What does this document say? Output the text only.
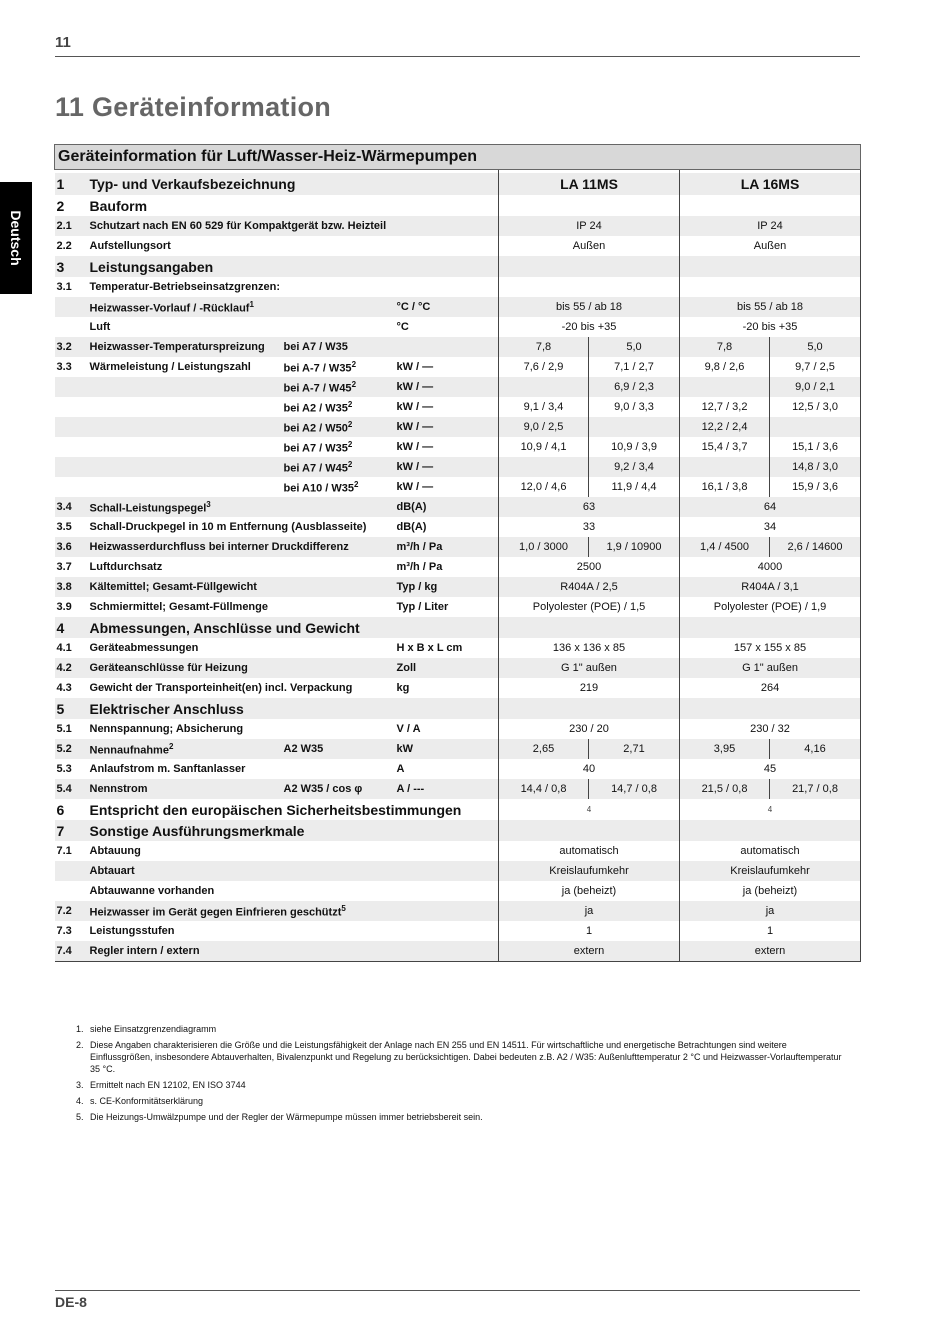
11
11 Geräteinformation
Deutsch
Geräteinformation für Luft/Wasser-Heiz-Wärmepumpen							

1	Typ- und Verkaufsbezeichnung			LA 11MS		LA 16MS	
2	Bauform						
2.1	Schutzart nach EN 60 529 für Kompaktgerät bzw. Heizteil			IP 24		IP 24	
2.2	Aufstellungsort			Außen		Außen	
3	Leistungsangaben						
3.1	Temperatur-Betriebseinsatzgrenzen:						
	Heizwasser-Vorlauf / -Rücklauf$^1$		°C / °C	bis 55 / ab 18		bis 55 / ab 18	
	Luft		°C	-20 bis +35		-20 bis +35	
3.2	Heizwasser-Temperaturspreizung	bei A7 / W35		7,8	5,0	7,8	5,0
3.3	Wärmeleistung / Leistungszahl	bei $A-7 / W35^2$	kW / —	7,6 / 2,9	7,1 / 2,7	9,8 / 2,6	9,7 / 2,5
		bei $A-7 / W45^2$	kW / —		6,9 / 2,3		9,0 / 2,1
		bei $A2 / W35^2$	kW / —	9,1 / 3,4	9,0 / 3,3	12,7 / 3,2	12,5 / 3,0
		bei $A2 / W50^2$	kW / —	9,0 / 2,5		12,2 / 2,4	
		bei $A7 / W35^2$	kW / —	10,9 / 4,1	10,9 / 3,9	15,4 / 3,7	15,1 / 3,6
		bei $A7 / W45^2$	kW / —		9,2 / 3,4		14,8 / 3,0
		bei $A10 / W35^2$	kW / —	12,0 / 4,6	11,9 / 4,4	16,1 / 3,8	15,9 / 3,6
3.4	Schall-Leistungspegel$^3$		dB(A)	63		64	
3.5	Schall-Druckpegel in 10 m Entfernung (Ausblasseite)		dB(A)	33		34	
3.6	Heizwasserdurchfluss bei interner Druckdifferenz		m³/h / Pa	1,0 / 3000	1,9 / 10900	1,4 / 4500	2,6 / 14600
3.7	Luftdurchsatz		m³/h / Pa	2500		4000	
3.8	Kältemittel; Gesamt-Füllgewicht		Typ / kg	R404A / 2,5		R404A / 3,1	
3.9	Schmiermittel; Gesamt-Füllmenge		Typ / Liter	Polyolester (POE) / 1,5		Polyolester (POE) / 1,9	
4	Abmessungen, Anschlüsse und Gewicht						
4.1	Geräteabmessungen		H x B x L cm	136 x 136 x 85		157 x 155 x 85	
4.2	Geräteanschlüsse für Heizung		Zoll	G 1" außen		G 1" außen	
4.3	Gewicht der Transporteinheit(en) incl. Verpackung		kg	219		264	
5	Elektrischer Anschluss						
5.1	Nennspannung; Absicherung		V / A	230 / 20		230 / 32	
5.2	Nennaufnahme$^2$	A2 W35	kW	2,65	2,71	3,95	4,16
5.3	Anlaufstrom m. Sanftanlasser		A	40		45	
5.4	Nennstrom	A2 W35 / cos φ	A / ---	14,4 / 0,8	14,7 / 0,8	21,5 / 0,8	21,7 / 0,8
6	Entspricht den europäischen Sicherheitsbestimmungen			4		4	
7	Sonstige Ausführungsmerkmale						
7.1	Abtauung			automatisch		automatisch	
	Abtauart			Kreislaufumkehr		Kreislaufumkehr	
	Abtauwanne vorhanden			ja (beheizt)		ja (beheizt)	
7.2	Heizwasser im Gerät gegen Einfrieren geschützt$^5$			ja		ja	
7.3	Leistungsstufen			1		1	
7.4	Regler intern / extern			extern		extern	
1. siehe Einsatzgrenzendiagramm
2. Diese Angaben charakterisieren die Größe und die Leistungsfähigkeit der Anlage nach EN 255 und EN 14511. Für wirtschaftliche und energetische Betrachtungen sind weitere Einflussgrößen, insbesondere Abtauverhalten, Bivalenzpunkt und Regelung zu berücksichtigen. Dabei bedeuten z.B. A2 / W35: Außenlufttemperatur 2 °C und Heizwasser-Vorlauftemperatur 35 °C.
3. Ermittelt nach EN 12102, EN ISO 3744
4. s. CE-Konformitätserklärung
5. Die Heizungs-Umwälzpumpe und der Regler der Wärmepumpe müssen immer betriebsbereit sein.
DE-8
